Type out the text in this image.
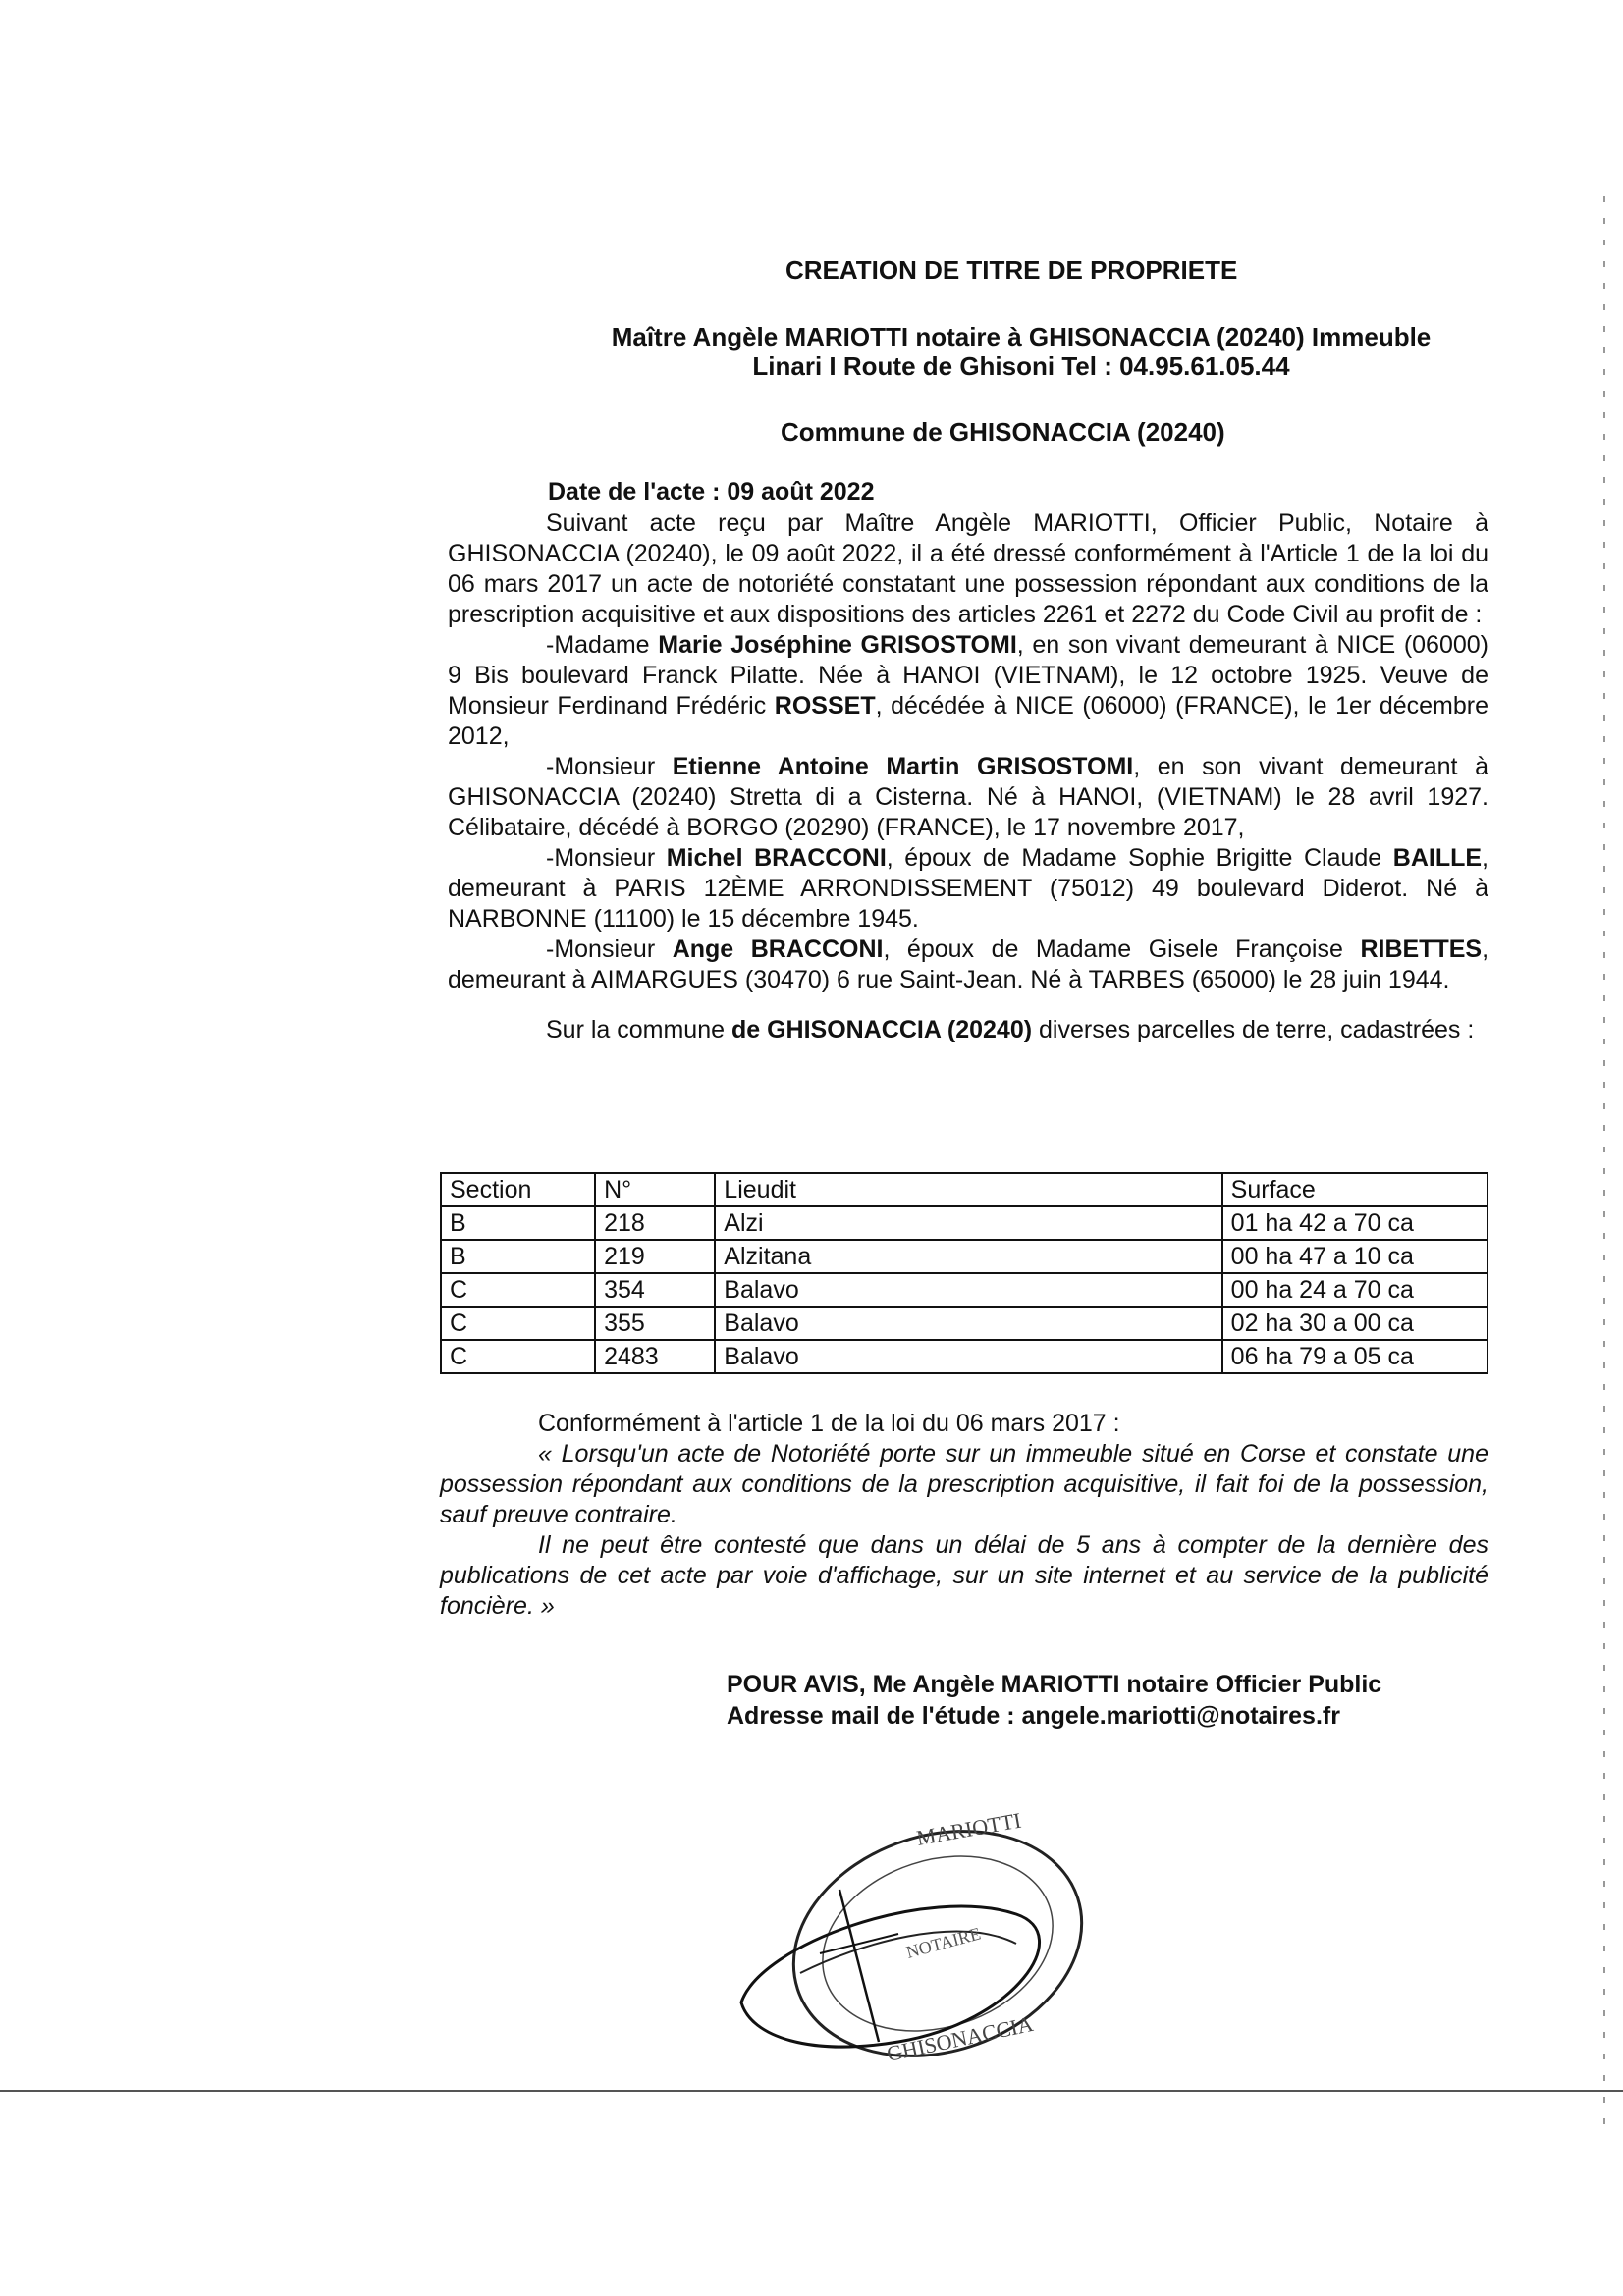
CREATION DE TITRE DE PROPRIETE
Maître Angèle MARIOTTI notaire à GHISONACCIA (20240) Immeuble
Linari I Route de Ghisoni Tel : 04.95.61.05.44
Commune de GHISONACCIA (20240)
Date de l'acte : 09 août 2022

Suivant acte reçu par Maître Angèle MARIOTTI, Officier Public, Notaire à GHISONACCIA (20240), le 09 août 2022, il a été dressé conformément à l'Article 1 de la loi du 06 mars 2017 un acte de notoriété constatant une possession répondant aux conditions de la prescription acquisitive et aux dispositions des articles 2261 et 2272 du Code Civil au profit de :

-Madame Marie Joséphine GRISOSTOMI, en son vivant demeurant à NICE (06000) 9 Bis boulevard Franck Pilatte. Née à HANOI (VIETNAM), le 12 octobre 1925. Veuve de Monsieur Ferdinand Frédéric ROSSET, décédée à NICE (06000) (FRANCE), le 1er décembre 2012,

-Monsieur Etienne Antoine Martin GRISOSTOMI, en son vivant demeurant à GHISONACCIA (20240) Stretta di a Cisterna. Né à HANOI, (VIETNAM) le 28 avril 1927. Célibataire, décédé à BORGO (20290) (FRANCE), le 17 novembre 2017,

-Monsieur Michel BRACCONI, époux de Madame Sophie Brigitte Claude BAILLE, demeurant à PARIS 12ÈME ARRONDISSEMENT (75012) 49 boulevard Diderot. Né à NARBONNE (11100) le 15 décembre 1945.

-Monsieur Ange BRACCONI, époux de Madame Gisele Françoise RIBETTES, demeurant à AIMARGUES (30470) 6 rue Saint-Jean. Né à TARBES (65000) le 28 juin 1944.

Sur la commune de GHISONACCIA (20240) diverses parcelles de terre, cadastrées :

Section	N°	Lieudit	Surface
B	218	Alzi	01 ha 42 a 70 ca
B	219	Alzitana	00 ha 47 a 10 ca
C	354	Balavo	00 ha 24 a 70 ca
C	355	Balavo	02 ha 30 a 00 ca
C	2483	Balavo	06 ha 79 a 05 ca

Conformément à l'article 1 de la loi du 06 mars 2017 :

« Lorsqu'un acte de Notoriété porte sur un immeuble situé en Corse et constate une possession répondant aux conditions de la prescription acquisitive, il fait foi de la possession, sauf preuve contraire.

Il ne peut être contesté que dans un délai de 5 ans à compter de la dernière des publications de cet acte par voie d'affichage, sur un site internet et au service de la publicité foncière. »

POUR AVIS, Me Angèle MARIOTTI notaire Officier Public
Adresse mail de l'étude : angele.mariotti@notaires.fr
MARIOTTI
NOTAIRE
GHISONACCIA
